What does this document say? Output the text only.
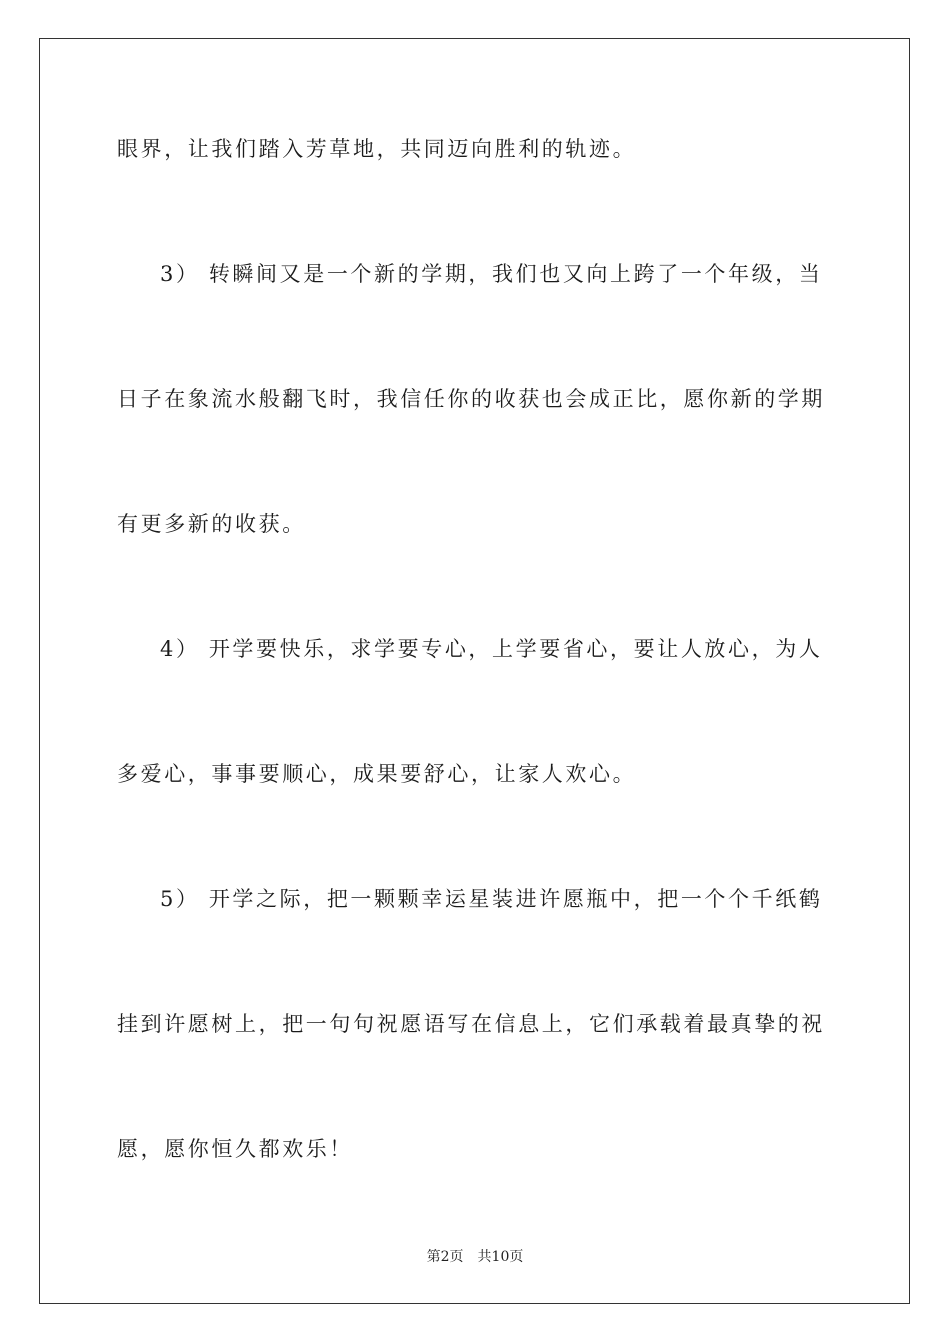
眼界，让我们踏入芳草地，共同迈向胜利的轨迹。
3） 转瞬间又是一个新的学期，我们也又向上跨了一个年级，当
日子在象流水般翻飞时，我信任你的收获也会成正比，愿你新的学期
有更多新的收获。
4） 开学要快乐，求学要专心，上学要省心，要让人放心，为人
多爱心，事事要顺心，成果要舒心，让家人欢心。
5） 开学之际，把一颗颗幸运星装进许愿瓶中，把一个个千纸鹤
挂到许愿树上，把一句句祝愿语写在信息上，它们承载着最真挚的祝
愿，愿你恒久都欢乐！
第2页 共10页
